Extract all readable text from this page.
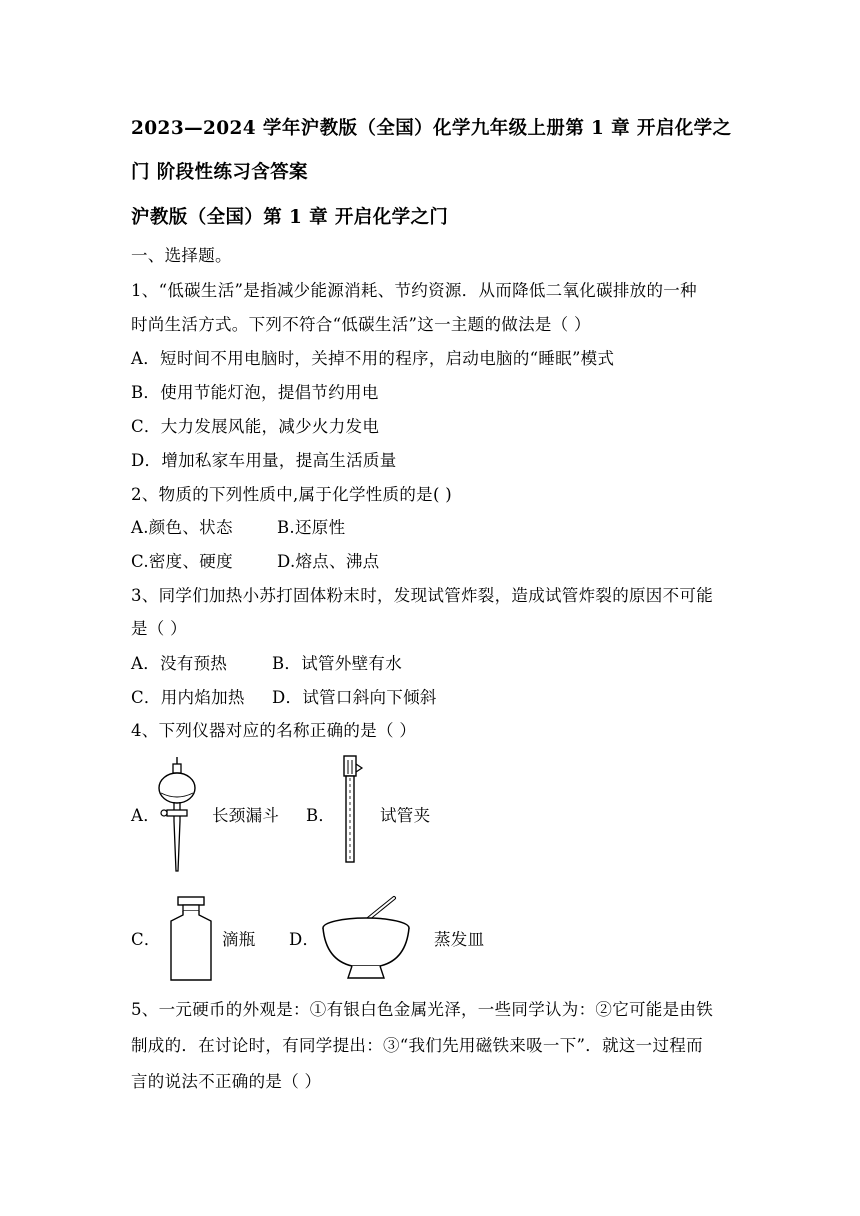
2023—2024 学年沪教版（全国）化学九年级上册第 1 章 开启化学之
门 阶段性练习含答案
沪教版（全国）第 1 章 开启化学之门
一、选择题。
1、“低碳生活”是指减少能源消耗、节约资源．从而降低二氧化碳排放的一种
时尚生活方式。下列不符合“低碳生活”这一主题的做法是（ ）
A．短时间不用电脑时，关掉不用的程序，启动电脑的“睡眠”模式
B．使用节能灯泡，提倡节约用电
C．大力发展风能，减少火力发电
D．增加私家车用量，提高生活质量
2、物质的下列性质中,属于化学性质的是( )
A.颜色、状态	B.还原性
C.密度、硬度	D.熔点、沸点
3、同学们加热小苏打固体粉末时，发现试管炸裂，造成试管炸裂的原因不可能
是（ ）
A．没有预热	B．试管外壁有水
C．用内焰加热 D．试管口斜向下倾斜
4、下列仪器对应的名称正确的是（ ）
A．	长颈漏斗 B．	试管夹
C．	滴瓶 D．	蒸发皿
5、一元硬币的外观是：①有银白色金属光泽，一些同学认为：②它可能是由铁
制成的．在讨论时，有同学提出：③“我们先用磁铁来吸一下”．就这一过程而
言的说法不正确的是（ ）
